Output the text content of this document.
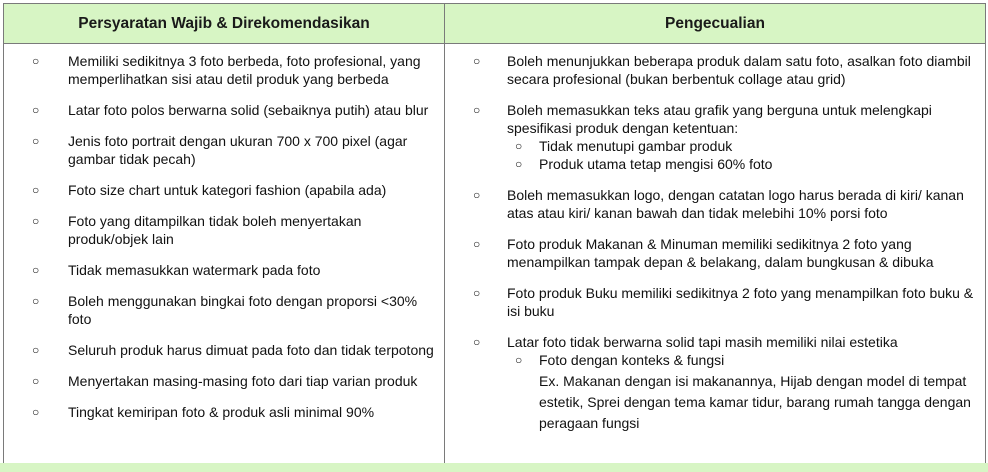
Persyaratan Wajib & Direkomendasikan	Pengecualian
○ Memiliki sedikitnya 3 foto berbeda, foto profesional, yang memperlihatkan sisi atau detil produk yang berbeda
○ Latar foto polos berwarna solid (sebaiknya putih) atau blur
○ Jenis foto portrait dengan ukuran 700 x 700 pixel (agar gambar tidak pecah)
○ Foto size chart untuk kategori fashion (apabila ada)
○ Foto yang ditampilkan tidak boleh menyertakan produk/objek lain
○ Tidak memasukkan watermark pada foto
○ Boleh menggunakan bingkai foto dengan proporsi <30% foto
○ Seluruh produk harus dimuat pada foto dan tidak terpotong
○ Menyertakan masing-masing foto dari tiap varian produk
○ Tingkat kemiripan foto & produk asli minimal 90%
○ Boleh menunjukkan beberapa produk dalam satu foto, asalkan foto diambil secara profesional (bukan berbentuk collage atau grid)
○ Boleh memasukkan teks atau grafik yang berguna untuk melengkapi spesifikasi produk dengan ketentuan:
○ Tidak menutupi gambar produk
○ Produk utama tetap mengisi 60% foto
○ Boleh memasukkan logo, dengan catatan logo harus berada di kiri/ kanan atas atau kiri/ kanan bawah dan tidak melebihi 10% porsi foto
○ Foto produk Makanan & Minuman memiliki sedikitnya 2 foto yang menampilkan tampak depan & belakang, dalam bungkusan & dibuka
○ Foto produk Buku memiliki sedikitnya 2 foto yang menampilkan foto buku & isi buku
○ Latar foto tidak berwarna solid tapi masih memiliki nilai estetika
○ Foto dengan konteks & fungsi
Ex. Makanan dengan isi makanannya, Hijab dengan model di tempat estetik, Sprei dengan tema kamar tidur, barang rumah tangga dengan peragaan fungsi
